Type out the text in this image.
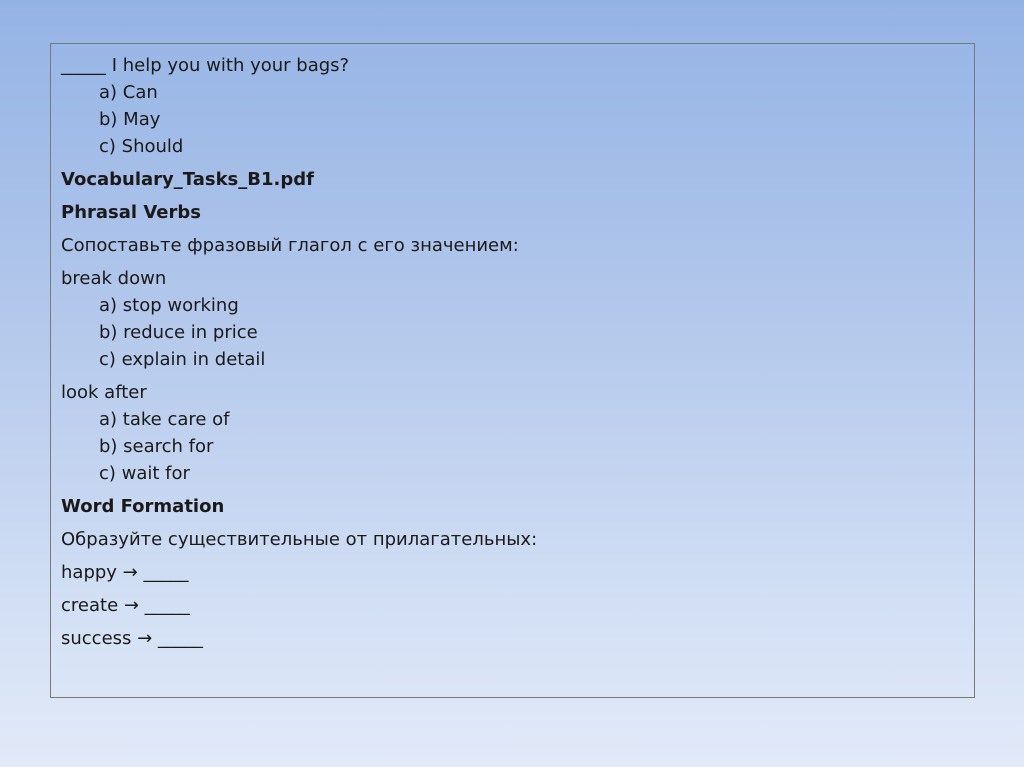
_____ I help you with your bags?
a) Can
b) May
c) Should
Vocabulary_Tasks_B1.pdf
Phrasal Verbs
Сопоставьте фразовый глагол с его значением:
break down
a) stop working
b) reduce in price
c) explain in detail
look after
a) take care of
b) search for
c) wait for
Word Formation
Образуйте существительные от прилагательных:
happy → _____
create → _____
success → _____
